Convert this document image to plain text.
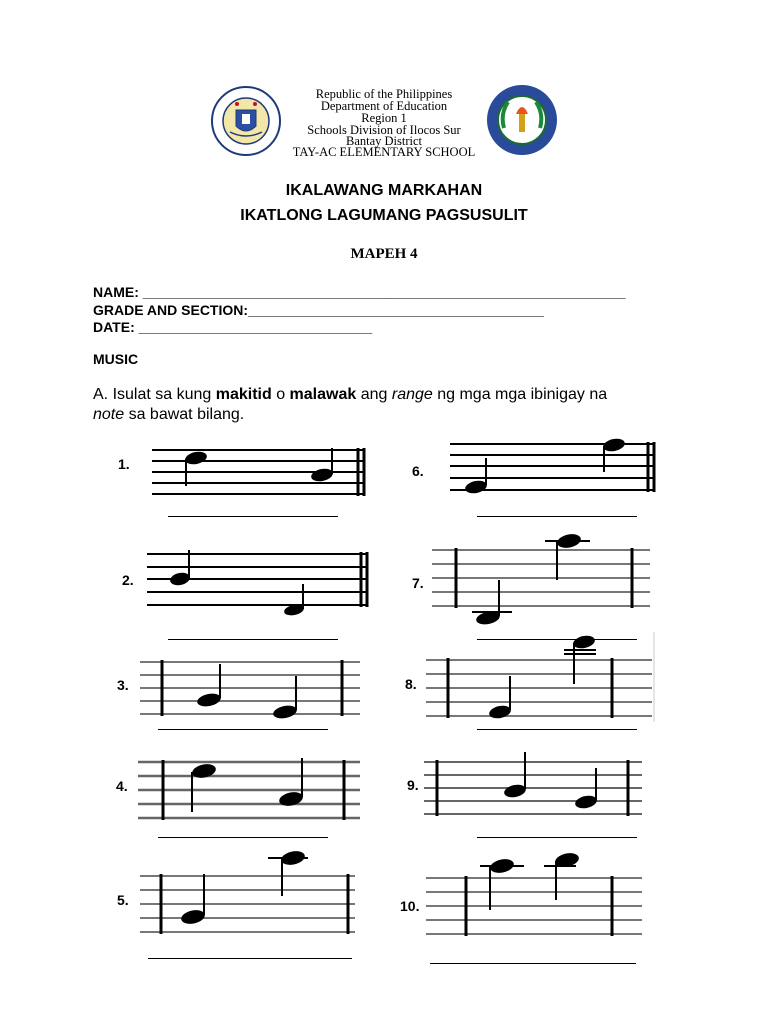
Republic of the Philippines
Department of Education
Region 1
Schools Division of Ilocos Sur
Bantay District
TAY-AC ELEMENTARY SCHOOL
IKALAWANG MARKAHAN
IKATLONG LAGUMANG PAGSUSULIT
MAPEH 4
NAME: ______________________________________________________________
GRADE AND SECTION:______________________________________
DATE: ______________________________
MUSIC
A. Isulat sa kung makitid o malawak ang range ng mga mga ibinigay na
note sa bawat bilang.
1.
2.
3.
4.
5.
6.
7.
8.
9.
10.
